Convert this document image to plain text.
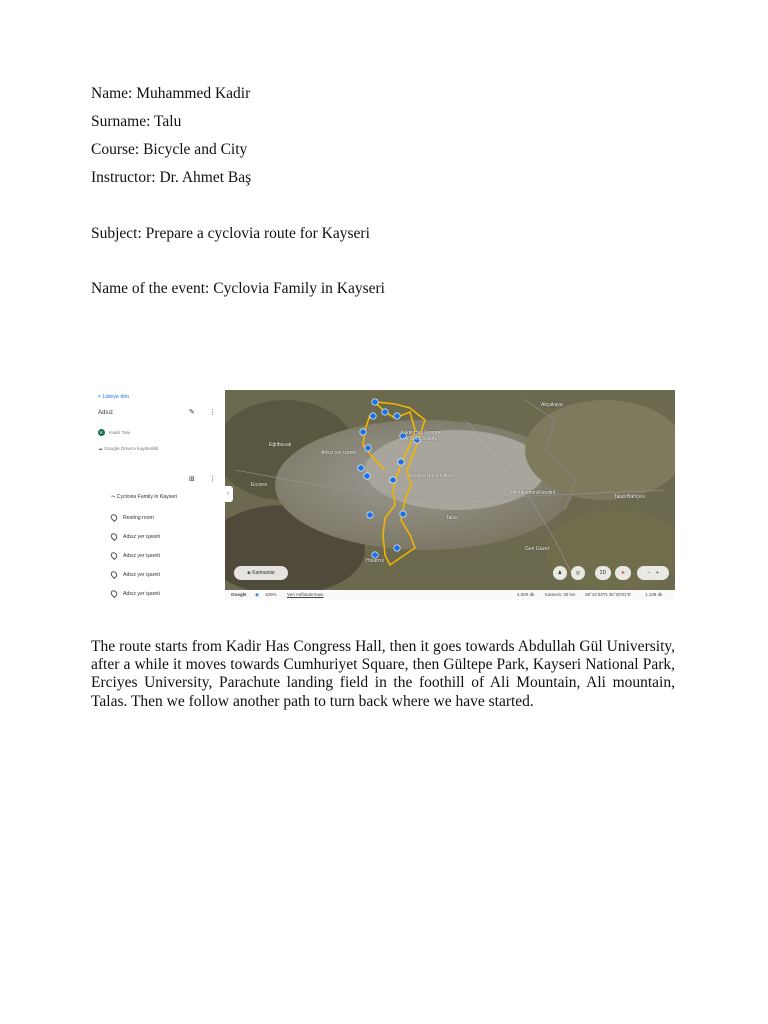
Name: Muhammed Kadir
Surname: Talu
Course: Bicycle and City
Instructor: Dr. Ahmet Baş
Subject: Prepare a cyclovia route for Kayseri
Name of the event: Cyclovia Family in Kayseri
< Listeye dön
Adsız	✎ ⋮
K Kadir Talu
☁ Google Drive'a kaydedildi
⊞ ⋮
⤳ Cyclovia Family in Kayseri
Resting room
Adsız yer işareti
Adsız yer işareti
Adsız yer işareti
Adsız yer işareti
Kadir Has Kongre
ve Spor Salonu
Erciyes Üniversitesi
Mimarsinan/Kendirli
Talas
Erciyes
Eğribucak
Geri Güzel
Talas Bahçesi
Akçakaya
Hisarcık
Adsız yer işareti
‹
◈ Katmanlar	♟	◎	2D	➤	− +
Google ◉ 100% Veri Atıflandırması	4.000 dk Kamera: 30 km 38°44'33"N 35°30'01"E	1.108 dk
The route starts from Kadir Has Congress Hall, then it goes towards Abdullah Gül University, after a while it moves towards Cumhuriyet Square, then Gültepe Park, Kayseri National Park, Erciyes University, Parachute landing field in the foothill of Ali Mountain, Ali mountain, Talas. Then we follow another path to turn back where we have started.
